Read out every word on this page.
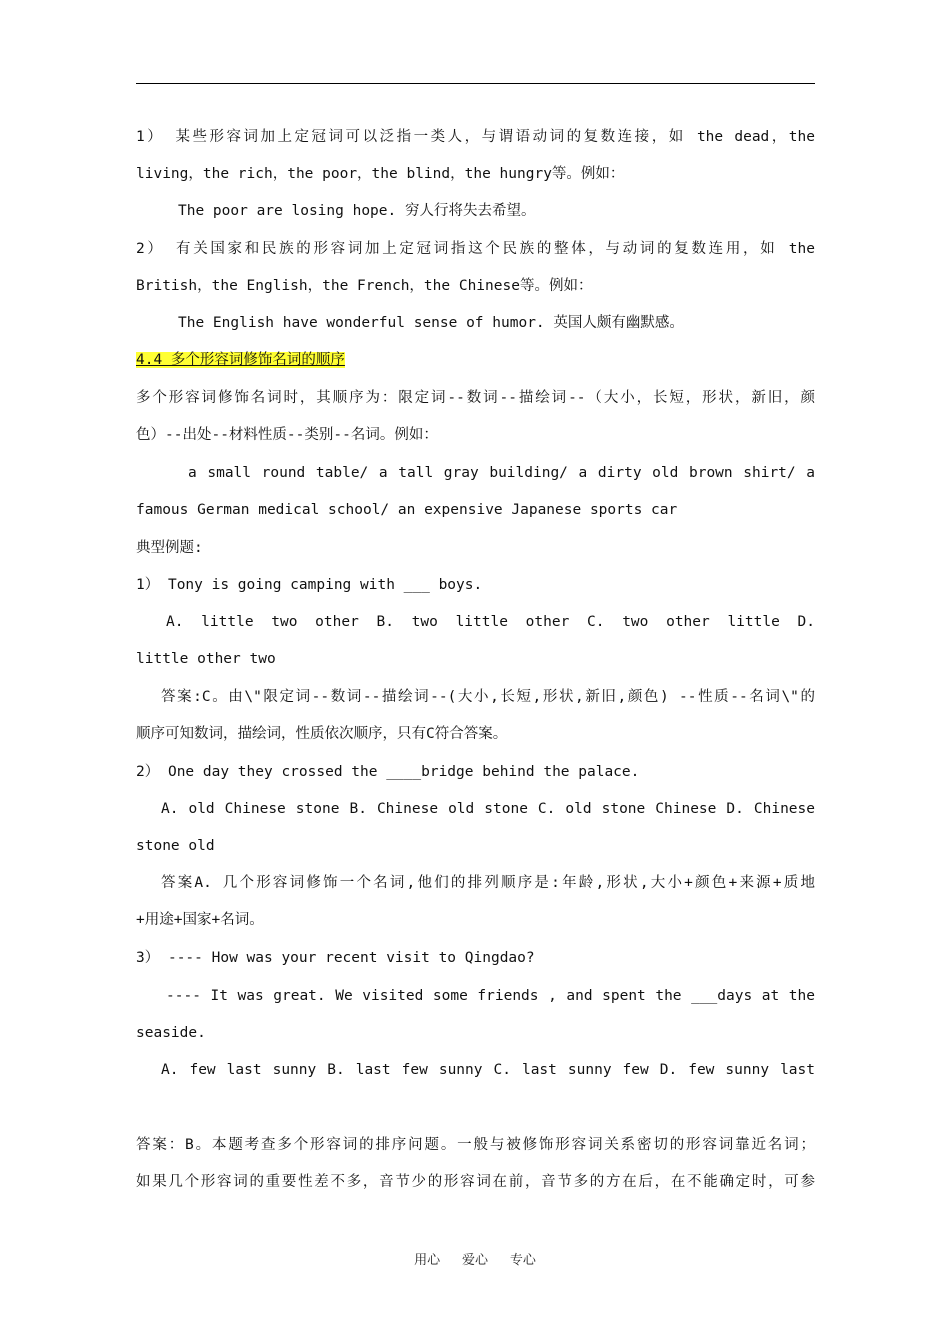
1） 某些形容词加上定冠词可以泛指一类人，与谓语动词的复数连接，如 the dead，the
living，the rich，the poor，the blind，the hungry等。例如：
The poor are losing hope. 穷人行将失去希望。
2） 有关国家和民族的形容词加上定冠词指这个民族的整体，与动词的复数连用，如 the
British，the English，the French，the Chinese等。例如：
The English have wonderful sense of humor. 英国人颇有幽默感。
4.4 多个形容词修饰名词的顺序
多个形容词修饰名词时，其顺序为：限定词--数词--描绘词--（大小，长短，形状，新旧，颜
色）--出处--材料性质--类别--名词。例如：
a small round table/ a tall gray building/ a dirty old brown shirt/ a
famous German medical school/ an expensive Japanese sports car
典型例题:
1） Tony is going camping with ___ boys.
A. little two other B. two little other C. two other little D.
little other two
答案:C。由\"限定词--数词--描绘词--(大小,长短,形状,新旧,颜色) --性质--名词\"的
顺序可知数词，描绘词，性质依次顺序，只有C符合答案。
2） One day they crossed the ____bridge behind the palace.
A. old Chinese stone B. Chinese old stone C. old stone Chinese D. Chinese
stone old
答案A. 几个形容词修饰一个名词,他们的排列顺序是:年龄,形状,大小+颜色+来源+质地
+用途+国家+名词。
3） ---- How was your recent visit to Qingdao?
---- It was great. We visited some friends , and spent the ___days at the
seaside.
A. few last sunny B. last few sunny C. last sunny few D. few sunny last
答案：B。本题考查多个形容词的排序问题。一般与被修饰形容词关系密切的形容词靠近名词；
如果几个形容词的重要性差不多，音节少的形容词在前，音节多的方在后，在不能确定时，可参
用心 爱心 专心
